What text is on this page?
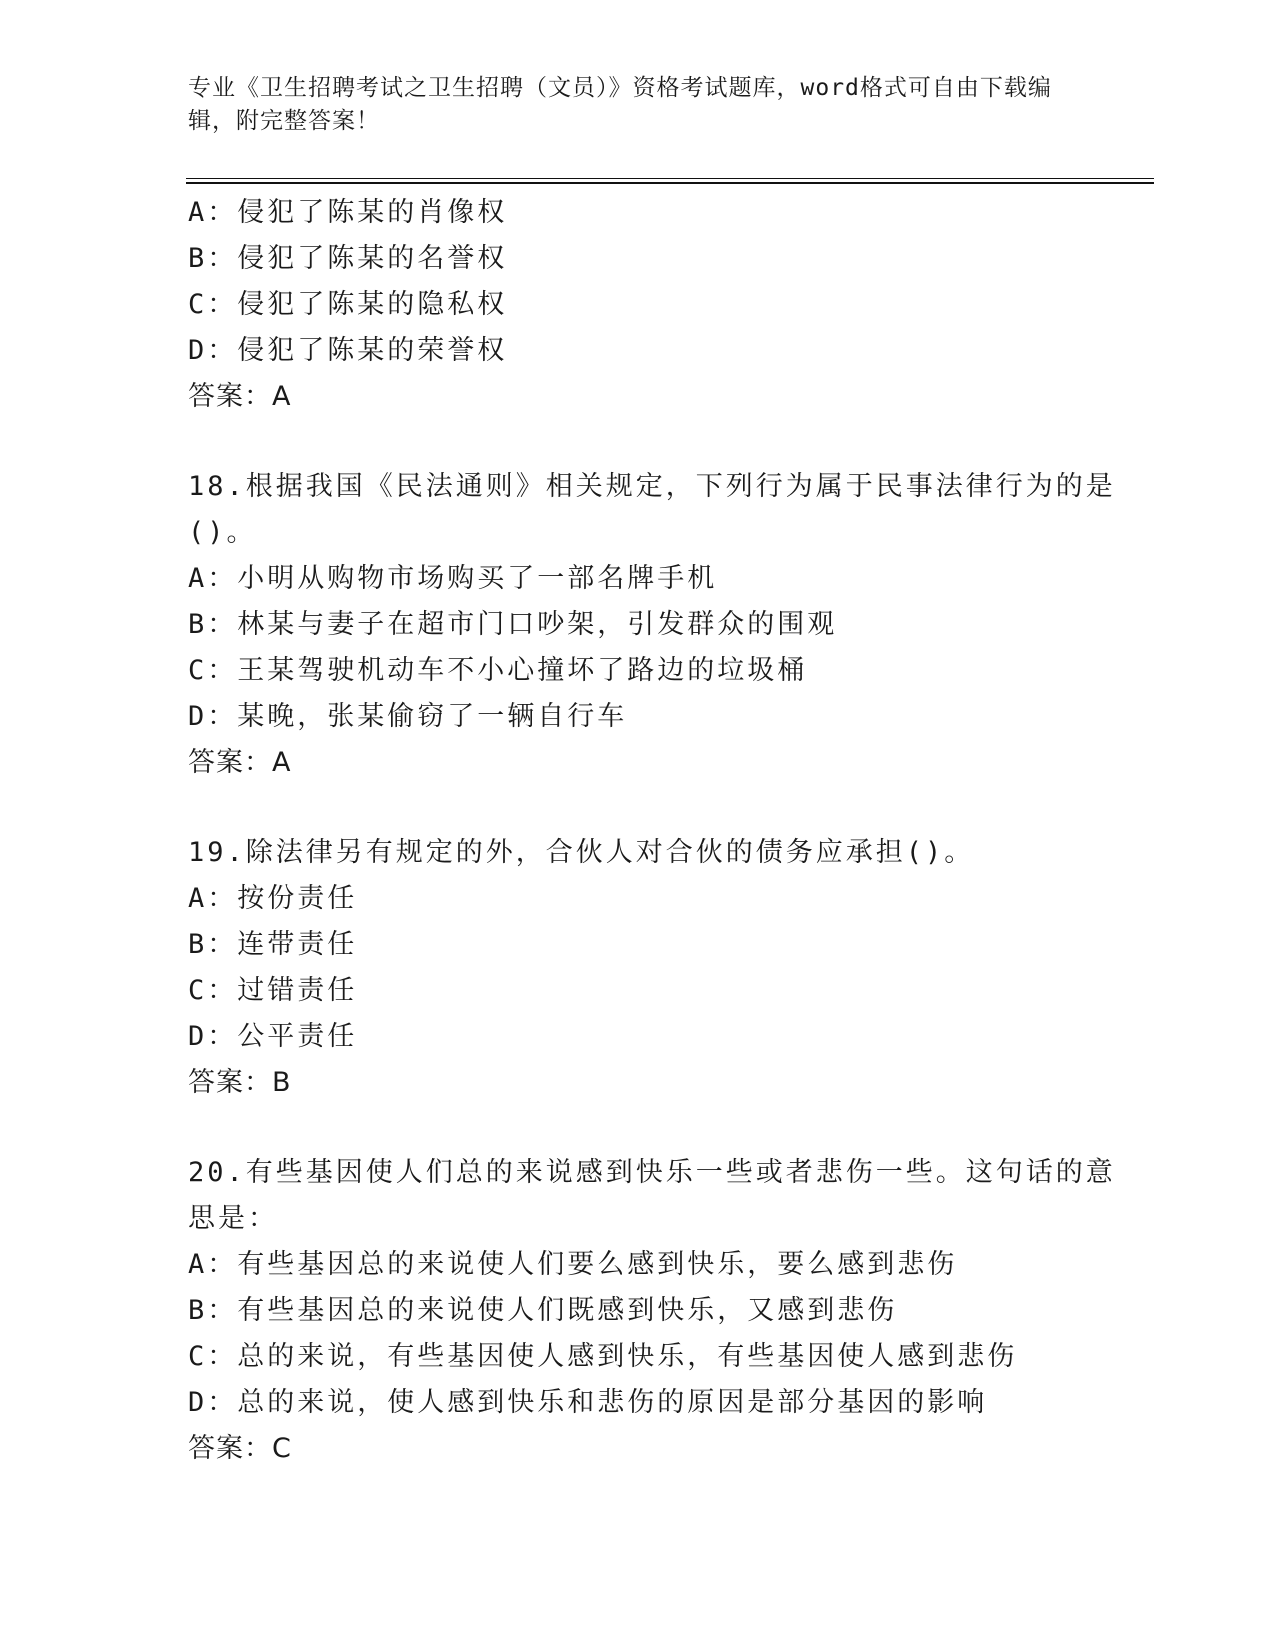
专业《卫生招聘考试之卫生招聘（文员）》资格考试题库，word格式可自由下载编辑，附完整答案！
A：侵犯了陈某的肖像权
B：侵犯了陈某的名誉权
C：侵犯了陈某的隐私权
D：侵犯了陈某的荣誉权
答案：A
18.根据我国《民法通则》相关规定，下列行为属于民事法律行为的是
()。
A：小明从购物市场购买了一部名牌手机
B：林某与妻子在超市门口吵架，引发群众的围观
C：王某驾驶机动车不小心撞坏了路边的垃圾桶
D：某晚，张某偷窃了一辆自行车
答案：A
19.除法律另有规定的外，合伙人对合伙的债务应承担()。
A：按份责任
B：连带责任
C：过错责任
D：公平责任
答案：B
20.有些基因使人们总的来说感到快乐一些或者悲伤一些。这句话的意
思是：
A：有些基因总的来说使人们要么感到快乐，要么感到悲伤
B：有些基因总的来说使人们既感到快乐，又感到悲伤
C：总的来说，有些基因使人感到快乐，有些基因使人感到悲伤
D：总的来说，使人感到快乐和悲伤的原因是部分基因的影响
答案：C
